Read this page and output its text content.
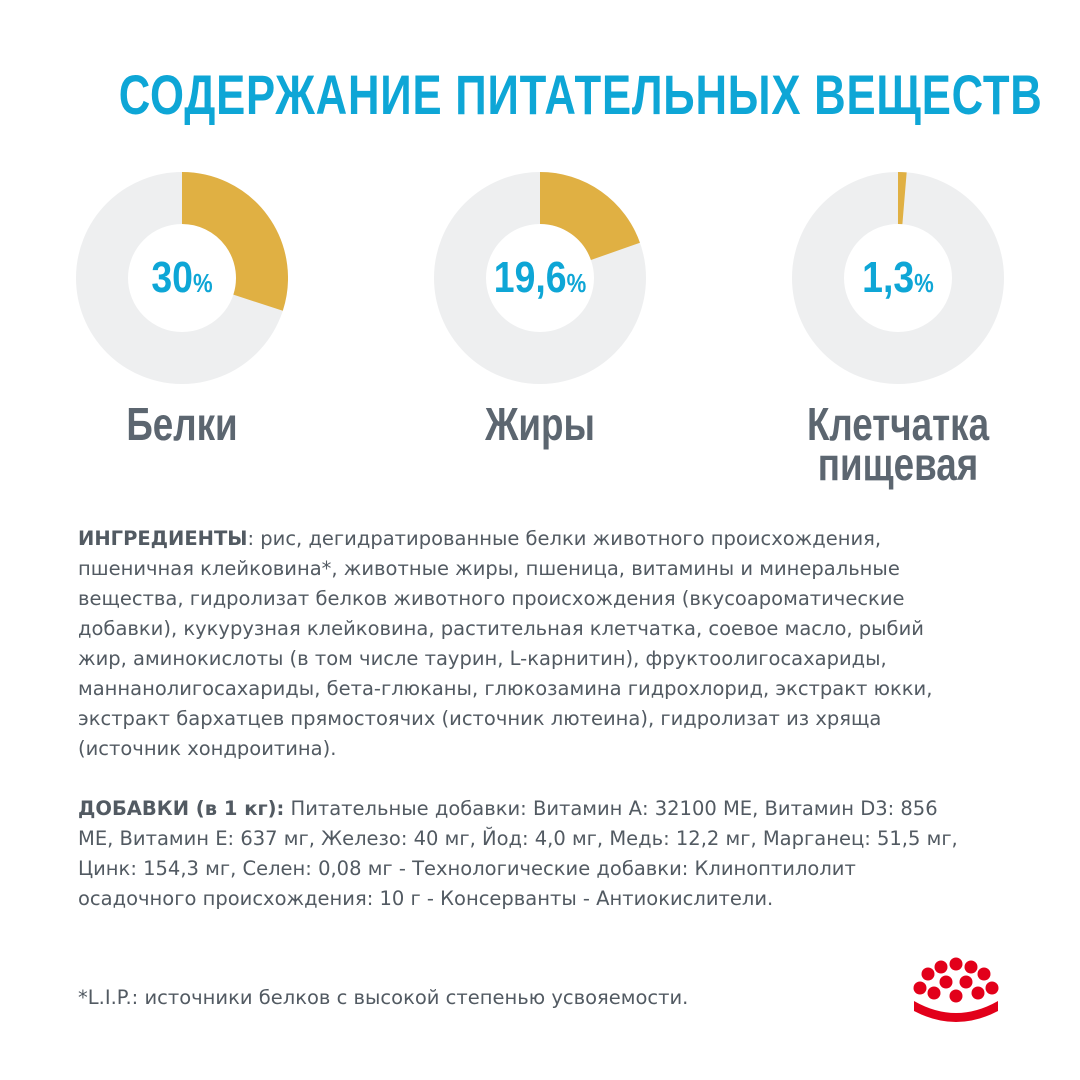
СОДЕРЖАНИЕ ПИТАТЕЛЬНЫХ ВЕЩЕСТВ
30%	19,6%	1,3%
Белки	Жиры	Клетчатка
пищевая
ИНГРЕДИЕНТЫ: рис, дегидратированные белки животного происхождения, пшеничная клейковина*, животные жиры, пшеница, витамины и минеральные вещества, гидролизат белков животного происхождения (вкусоароматические добавки), кукурузная клейковина, растительная клетчатка, соевое масло, рыбий жир, аминокислоты (в том числе таурин, L-карнитин), фруктоолигосахариды, маннанолигосахариды, бета-глюканы, глюкозамина гидрохлорид, экстракт юкки, экстракт бархатцев прямостоячих (источник лютеина), гидролизат из хряща (источник хондроитина).
ДОБАВКИ (в 1 кг): Питательные добавки: Витамин А: 32100 МЕ, Витамин D3: 856 МЕ, Витамин Е: 637 мг, Железо: 40 мг, Йод: 4,0 мг, Медь: 12,2 мг, Марганец: 51,5 мг, Цинк: 154,3 мг, Селен: 0,08 мг - Технологические добавки: Клиноптилолит осадочного происхождения: 10 г - Консерванты - Антиокислители.
*L.I.P.: источники белков с высокой степенью усвояемости.
